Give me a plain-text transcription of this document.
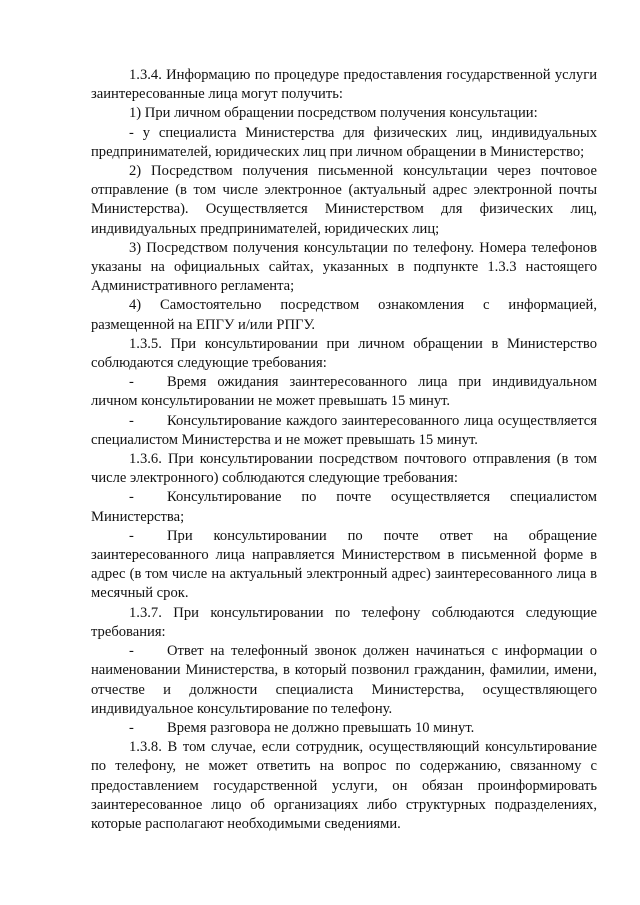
1.3.4. Информацию по процедуре предоставления государственной услуги заинтересованные лица могут получить:

1) При личном обращении посредством получения консультации:

- у специалиста Министерства для физических лиц, индивидуальных предпринимателей, юридических лиц при личном обращении в Министерство;

2) Посредством получения письменной консультации через почтовое отправление (в том числе электронное (актуальный адрес электронной почты Министерства). Осуществляется Министерством для физических лиц, индивидуальных предпринимателей, юридических лиц;

3) Посредством получения консультации по телефону. Номера телефонов указаны на официальных сайтах, указанных в подпункте 1.3.3 настоящего Административного регламента;

4) Самостоятельно посредством ознакомления с информацией, размещенной на ЕПГУ и/или РПГУ.

1.3.5. При консультировании при личном обращении в Министерство соблюдаются следующие требования:

- Время ожидания заинтересованного лица при индивидуальном личном консультировании не может превышать 15 минут.

- Консультирование каждого заинтересованного лица осуществляется специалистом Министерства и не может превышать 15 минут.

1.3.6. При консультировании посредством почтового отправления (в том числе электронного) соблюдаются следующие требования:

- Консультирование по почте осуществляется специалистом Министерства;

- При консультировании по почте ответ на обращение заинтересованного лица направляется Министерством в письменной форме в адрес (в том числе на актуальный электронный адрес) заинтересованного лица в месячный срок.

1.3.7. При консультировании по телефону соблюдаются следующие требования:

- Ответ на телефонный звонок должен начинаться с информации о наименовании Министерства, в который позвонил гражданин, фамилии, имени, отчестве и должности специалиста Министерства, осуществляющего индивидуальное консультирование по телефону.

- Время разговора не должно превышать 10 минут.

1.3.8. В том случае, если сотрудник, осуществляющий консультирование по телефону, не может ответить на вопрос по содержанию, связанному с предоставлением государственной услуги, он обязан проинформировать заинтересованное лицо об организациях либо структурных подразделениях, которые располагают необходимыми сведениями.
